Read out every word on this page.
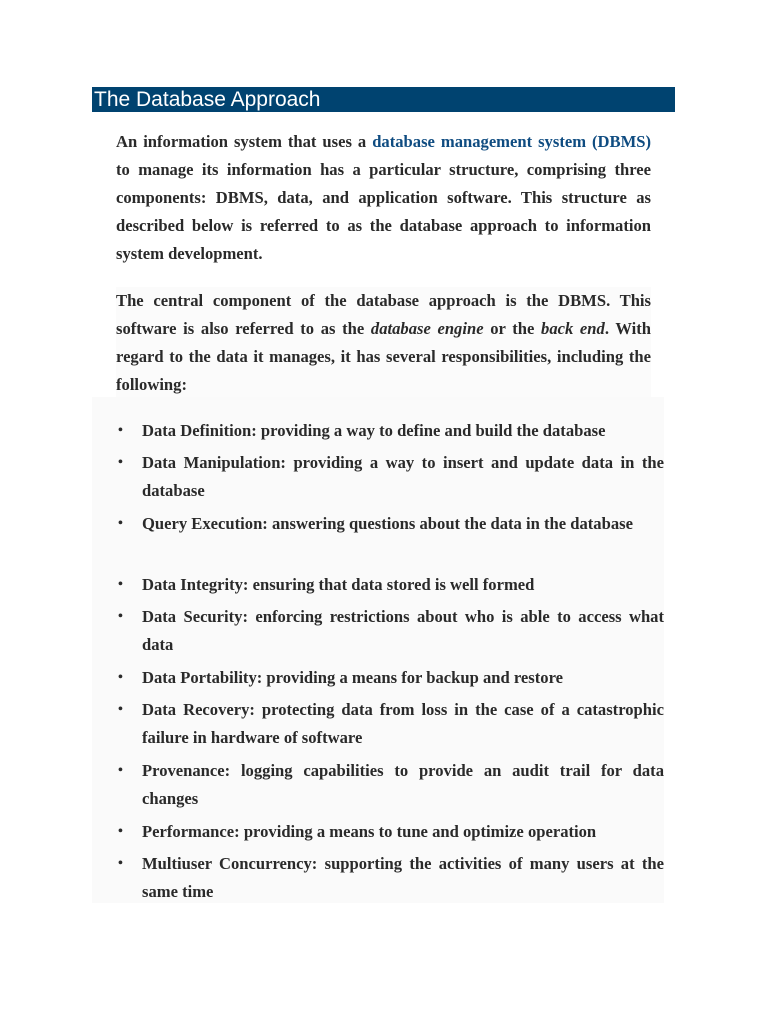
The Database Approach

An information system that uses a database management system (DBMS) to manage its information has a particular structure, comprising three components: DBMS, data, and application software. This structure as described below is referred to as the database approach to information system development.

The central component of the database approach is the DBMS. This software is also referred to as the database engine or the back end. With regard to the data it manages, it has several responsibilities, including the following:

• Data Definition: providing a way to define and build the database
• Data Manipulation: providing a way to insert and update data in the database
• Query Execution: answering questions about the data in the database
• Data Integrity: ensuring that data stored is well formed
• Data Security: enforcing restrictions about who is able to access what data
• Data Portability: providing a means for backup and restore
• Data Recovery: protecting data from loss in the case of a catastrophic failure in hardware of software
• Provenance: logging capabilities to provide an audit trail for data changes
• Performance: providing a means to tune and optimize operation
• Multiuser Concurrency: supporting the activities of many users at the same time
